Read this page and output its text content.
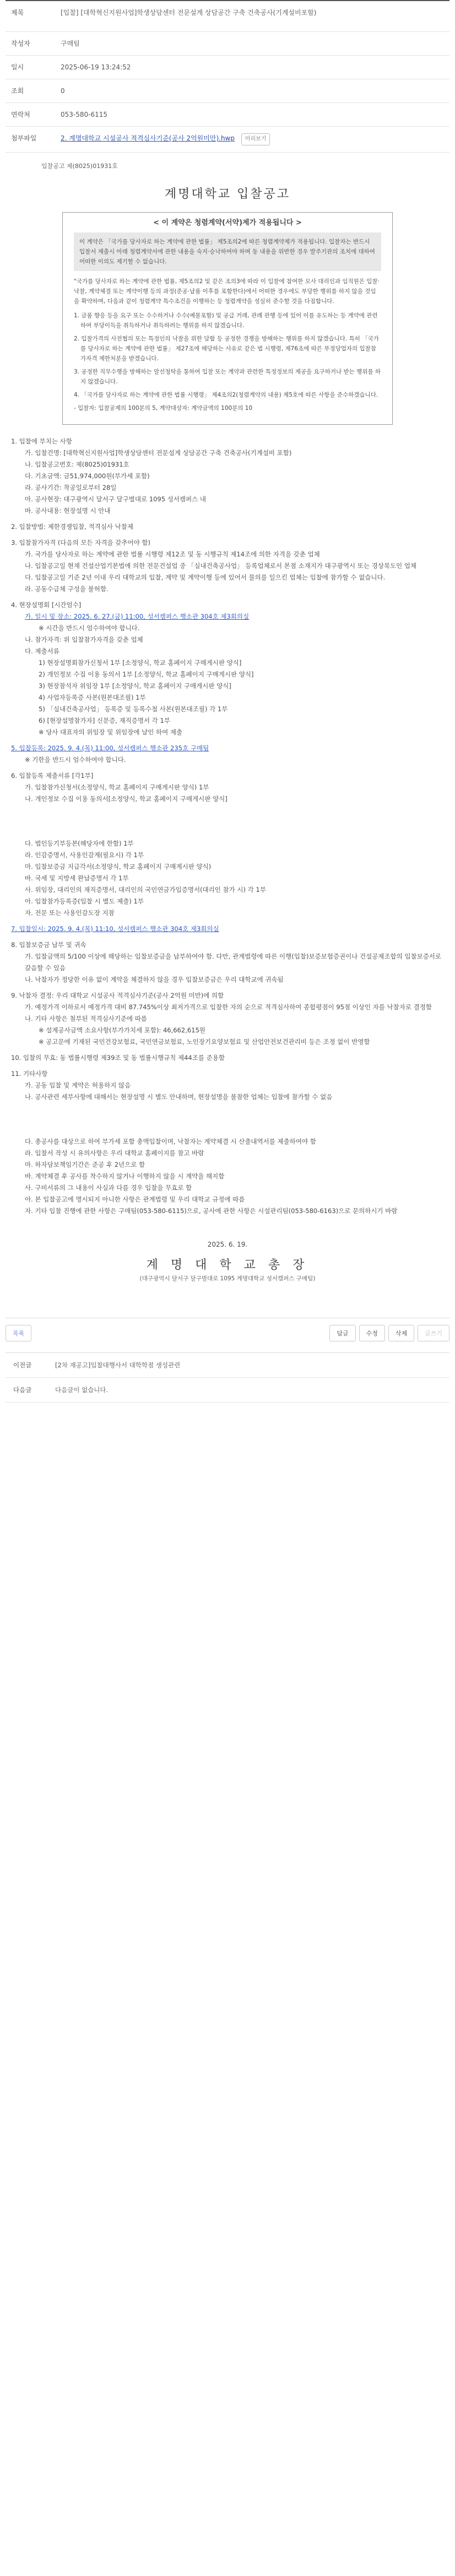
제목	[입찰] [대학혁신지원사업]학생상담센터 전문설계 상담공간 구축 건축공사(기계설비포함)
작성자	구매팀
일시	2025-06-19 13:24:52
조회	0
연락처	053-580-6115
첨부파일	2. 계명대학교 시설공사 적격심사기준(공사 2억원미만).hwp 미리보기
입찰공고 제(8025)01931호
계명대학교 입찰공고
< 이 계약은 청렴계약(서약)제가 적용됩니다 >
이 계약은 「국가를 당사자로 하는 계약에 관한 법률」 제5조의2에 따른 청렴계약제가 적용됩니다. 입찰자는 반드시 입찰서 제출시 아래 청렴계약서에 관한 내용을 숙지·승낙하여야 하며 동 내용을 위반한 경우 발주기관의 조치에 대하여 어떠한 이의도 제기할 수 없습니다.
"국가를 당사자로 하는 계약에 관한 법률, 제5조의2 및 같은 조의3에 따라 이 입찰에 참여한 모사 대리인과 임직원은 입찰·낙찰, 계약체결 또는 계약이행 등의 과정(준공·납품 이후를 포함한다)에서 어떠한 경우에도 부당한 행위를 하지 않을 것임을 확약하며, 다음과 같이 청렴계약 특수조건을 이행하는 등 청렴계약을 성실히 준수할 것을 다짐합니다.
1. 금품 향응 등을 요구 또는 수수하거나 수수(예물포함) 및 공급 거래, 관례 관행 등에 있어 이를 유도하는 등 계약에 관련하여 부당이득을 취득하거나 취득하려는 행위를 하지 않겠습니다.
2. 입찰가격의 사전협의 또는 특정인의 낙찰을 위한 담합 등 공정한 경쟁을 방해하는 행위를 하지 않겠습니다. 특히 「국가를 당사자로 하는 계약에 관한 법률」 제27조에 해당하는 사유로 같은 법 시행령, 제76조에 따른 부정당업자의 입찰참가자격 제한처분을 받겠습니다.
3. 공정한 직무수행을 방해하는 알선청탁을 통하여 입찰 또는 계약과 관련한 특정정보의 제공을 요구하거나 받는 행위를 하지 않겠습니다.
4. 「국가를 당사자로 하는 계약에 관한 법률 시행령」 제4조의2(청렴계약의 내용) 제5호에 따른 사항을 준수하겠습니다.
- 입찰자: 입찰공제의 100분의 5, 계약대상자: 계약금액의 100분의 10
1. 입찰에 부치는 사항
가. 입찰건명: [대학혁신지원사업]학생상담센터 전문설계 상담공간 구축 건축공사(기계설비 포함)
나. 입찰공고번호: 제(8025)01931호
다. 기초금액: 금51,974,000원(부가세 포함)
라. 공사기간: 착공일로부터 28일
마. 공사현장: 대구광역시 달서구 달구벌대로 1095 성서캠퍼스 내
바. 공사내용: 현장설명 시 안내
2. 입찰방법: 제한경쟁입찰, 적격심사 낙찰제
3. 입찰참가자격 (다음의 모든 자격을 갖추어야 함)
가. 국가를 당사자로 하는 계약에 관한 법률 시행령 제12조 및 동 시행규칙 제14조에 의한 자격을 갖춘 업체
나. 입찰공고일 현재 건설산업기본법에 의한 전문건설업 중 「실내건축공사업」 등록업체로서 본점 소재지가 대구광역시 또는 경상북도인 업체
다. 입찰공고일 기준 2년 이내 우리 대학교의 입찰, 계약 및 계약이행 등에 있어서 물의를 일으킨 업체는 입찰에 참가할 수 없습니다.
라. 공동수급체 구성을 불허함.
4. 현장설명회 [시간엄수]
가. 일시 및 장소: 2025. 6. 27.(금) 11:00, 성서캠퍼스 행소관 304호 제3회의실
※ 시간을 반드시 엄수하여야 합니다.
나. 참가자격: 위 입찰참가자격을 갖춘 업체
다. 제출서류
1) 현장설명회참가신청서 1부 [소정양식, 학교 홈페이지 구매게시판 양식]
2) 개인정보 수집 이용 동의서 1부 [소정양식, 학교 홈페이지 구매게시판 양식]
3) 현장참석자 위임장 1부 [소정양식, 학교 홈페이지 구매게시판 양식]
4) 사업자등록증 사본(원본대조필) 1부
5) 「실내건축공사업」 등록증 및 등록수첩 사본(원본대조필) 각 1부
6) [현장설명참가자] 신분증, 재직증명서 각 1부
※ 당사 대표자의 위임장 및 위임장에 날인 하여 제출
5. 입찰등록: 2025. 9. 4.(목) 11:00, 성서캠퍼스 행소관 235호 구매팀
※ 기한을 반드시 엄수하여야 합니다.
6. 입찰등록 제출서류 [각1부]
가. 입찰참가신청서(소정양식, 학교 홈페이지 구매게시판 양식) 1부
나. 개인정보 수집 이용 동의서[소정양식, 학교 홈페이지 구매게시판 양식]
다. 법인등기부등본(해당자에 한함) 1부
라. 인감증명서, 사용인감계(필요시) 각 1부
마. 입찰보증금 지급각서(소정양식, 학교 홈페이지 구매게시판 양식)
바. 국세 및 지방세 완납증명서 각 1부
사. 위임장, 대리인의 재직증명서, 대리인의 국민연금가입증명서(대리인 참가 시) 각 1부
아. 입찰참가등록증(입찰 시 별도 제출) 1부
자. 전문 또는 사용인감도장 지참
7. 입찰일시: 2025. 9. 4.(목) 11:10, 성서캠퍼스 행소관 304호 제3회의실
8. 입찰보증금 납부 및 귀속
가. 입찰금액의 5/100 이상에 해당하는 입찰보증금을 납부하여야 함. 다만, 관계법령에 따른 이행(입찰)보증보험증권이나 건설공제조합의 입찰보증서로 갈음할 수 있음
나. 낙찰자가 정당한 이유 없이 계약을 체결하지 않을 경우 입찰보증금은 우리 대학교에 귀속됨
9. 낙찰자 결정: 우리 대학교 시설공사 적격심사기준(공사 2억원 미만)에 의함
가. 예정가격 이하로서 예정가격 대비 87.745%이상 최저가격으로 입찰한 자의 순으로 적격심사하여 종합평점이 95점 이상인 자를 낙찰자로 결정함
나. 기타 사항은 첨부된 적격심사기준에 따름
※ 설계공사금액 소요사항(부가가치세 포함): 46,662,615원
※ 공고문에 기재된 국민건강보험료, 국민연금보험료, 노인장기요양보험료 및 산업안전보건관리비 등은 조정 없이 반영함
10. 입찰의 무효: 동 법률시행령 제39조 및 동 법률시행규칙 제44조를 준용함
11. 기타사항
가. 공동 입찰 및 계약은 허용하지 않음
나. 공사관련 세부사항에 대해서는 현장설명 시 별도 안내하며, 현장설명을 불참한 업체는 입찰에 참가할 수 없음
다. 총공사를 대상으로 하여 부가세 포함 총액입찰이며, 낙찰자는 계약체결 시 산출내역서를 제출하여야 함
라. 입찰서 작성 시 유의사항은 우리 대학교 홈페이지를 참고 바람
마. 하자담보책임기간은 준공 후 2년으로 함
바. 계약체결 후 공사를 착수하지 않거나 이행하지 않을 시 계약을 해지함
사. 구비서류의 그 내용이 사실과 다를 경우 입찰을 무효로 함
아. 본 입찰공고에 명시되지 아니한 사항은 관계법령 및 우리 대학교 규정에 따름
자. 기타 입찰 진행에 관한 사항은 구매팀(053-580-6115)으로, 공사에 관한 사항은 시설관리팀(053-580-6163)으로 문의하시기 바람
2025. 6. 19.
계 명 대 학 교 총 장
(대구광역시 달서구 달구벌대로 1095 계명대학교 성서캠퍼스 구매팀)
목록	답글	수정	삭제	글쓰기
이전글	[2차 재공고]입찰대행사서 대학학점 생성관련
다음글	다음글이 없습니다.
